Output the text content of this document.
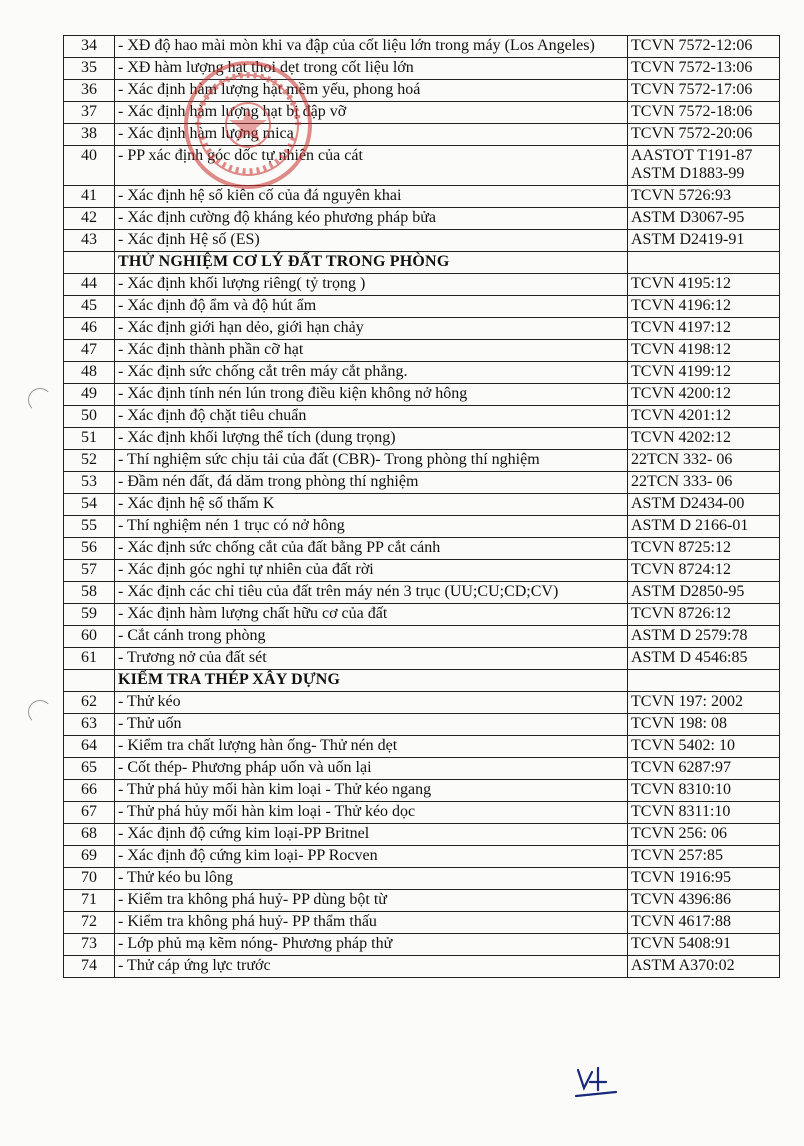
34	- XĐ độ hao mài mòn khi va đập của cốt liệu lớn trong máy (Los Angeles)	TCVN 7572-12:06

35	- XĐ hàm lượng hạt thoi dẹt trong cốt liệu lớn	TCVN 7572-13:06

36	- Xác định hàm lượng hạt mềm yếu, phong hoá	TCVN 7572-17:06

37	- Xác định hàm lượng hạt bị đập vỡ	TCVN 7572-18:06

38	- Xác định hàm lượng mica	TCVN 7572-20:06

40	- PP xác định góc dốc tự nhiên của cát	AASTOT T191-87
ASTM D1883-99

41	- Xác định hệ số kiên cố của đá nguyên khai	TCVN 5726:93

42	- Xác định cường độ kháng kéo phương pháp bửa	ASTM D3067-95

43	- Xác định Hệ số (ES)	ASTM D2419-91

	THỬ NGHIỆM CƠ LÝ ĐẤT TRONG PHÒNG	
44	- Xác định khối lượng riêng( tỷ trọng )	TCVN 4195:12

45	- Xác định độ ẩm và độ hút ẩm	TCVN 4196:12

46	- Xác định giới hạn dẻo, giới hạn chảy	TCVN 4197:12

47	- Xác định thành phần cỡ hạt	TCVN 4198:12

48	- Xác định sức chống cắt trên máy cắt phẳng.	TCVN 4199:12

49	- Xác định tính nén lún trong điều kiện không nở hông	TCVN 4200:12

50	- Xác định độ chặt tiêu chuẩn	TCVN 4201:12

51	- Xác định khối lượng thể tích (dung trọng)	TCVN 4202:12

52	- Thí nghiệm sức chịu tải của đất (CBR)- Trong phòng thí nghiệm	22TCN 332- 06

53	- Đầm nén đất, đá dăm trong phòng thí nghiệm	22TCN 333- 06

54	- Xác định hệ số thấm K	ASTM D2434-00

55	- Thí nghiệm nén 1 trục có nở hông	ASTM D 2166-01

56	- Xác định sức chống cắt của đất bằng PP cắt cánh	TCVN 8725:12

57	- Xác định góc nghỉ tự nhiên của đất rời	TCVN 8724:12

58	- Xác định các chỉ tiêu của đất trên máy nén 3 trục (UU;CU;CD;CV)	ASTM D2850-95

59	- Xác định hàm lượng chất hữu cơ của đất	TCVN 8726:12

60	- Cắt cánh trong phòng	ASTM D 2579:78

61	- Trương nở của đất sét	ASTM D 4546:85

	KIỂM TRA THÉP XÂY DỰNG	
62	- Thử kéo	TCVN 197: 2002

63	- Thử uốn	TCVN 198: 08

64	- Kiểm tra chất lượng hàn ống- Thử nén dẹt	TCVN 5402: 10

65	- Cốt thép- Phương pháp uốn và uốn lại	TCVN 6287:97

66	- Thử phá hủy mối hàn kim loại - Thử kéo ngang	TCVN 8310:10

67	- Thử phá hủy mối hàn kim loại - Thử kéo dọc	TCVN 8311:10

68	- Xác định độ cứng kim loại-PP Britnel	TCVN 256: 06

69	- Xác định độ cứng kim loại- PP Rocven	TCVN 257:85

70	- Thử kéo bu lông	TCVN 1916:95

71	- Kiểm tra không phá huỷ- PP dùng bột từ	TCVN 4396:86

72	- Kiểm tra không phá huỷ- PP thẩm thấu	TCVN 4617:88

73	- Lớp phủ mạ kẽm nóng- Phương pháp thử	TCVN 5408:91

74	- Thử cáp ứng lực trước	ASTM A370:02
